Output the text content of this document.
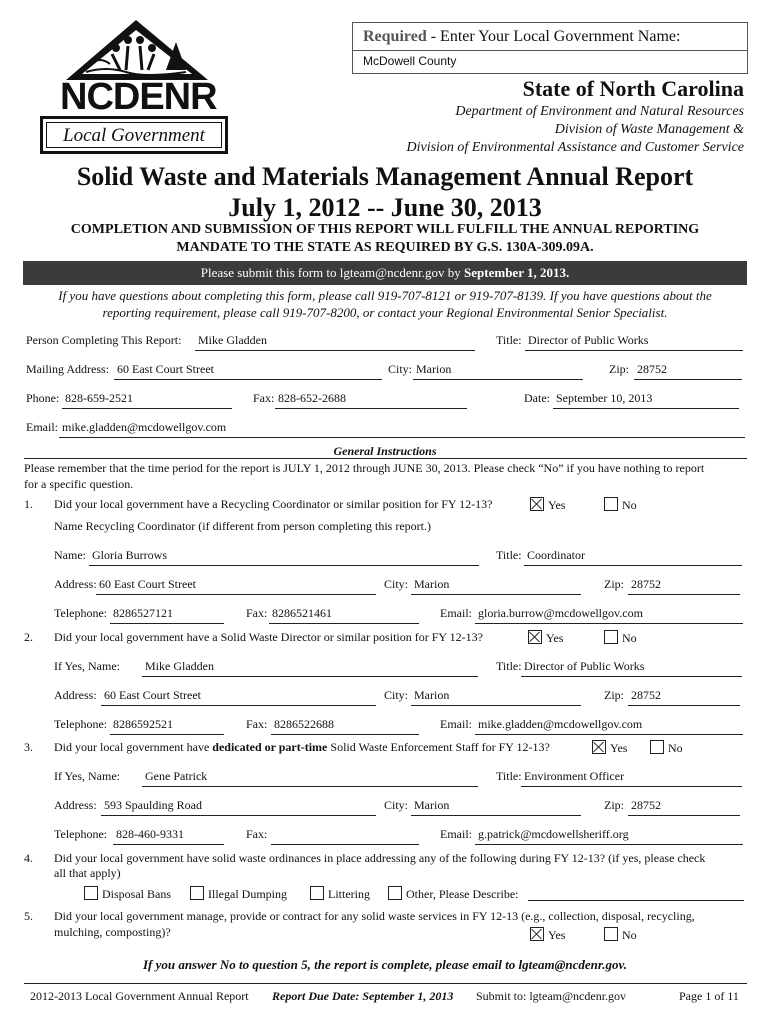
NCDENR
Local Government
Required - Enter Your Local Government Name:
McDowell County
State of North Carolina
Department of Environment and Natural Resources
Division of Waste Management &
Division of Environmental Assistance and Customer Service
Solid Waste and Materials Management Annual Report
July 1, 2012 -- June 30, 2013
COMPLETION AND SUBMISSION OF THIS REPORT WILL FULFILL THE ANNUAL REPORTING
MANDATE TO THE STATE AS REQUIRED BY G.S. 130A-309.09A.
Please submit this form to lgteam@ncdenr.gov by September 1, 2013.
If you have questions about completing this form, please call 919-707-8121 or 919-707-8139. If you have questions about the
reporting requirement, please call 919-707-8200, or contact your Regional Environmental Senior Specialist.
Person Completing This Report: Mike Gladden	Title: Director of Public Works
Mailing Address: 60 East Court Street	City: Marion	Zip: 28752
Phone: 828-659-2521	Fax: 828-652-2688	Date: September 10, 2013
Email: mike.gladden@mcdowellgov.com
General Instructions
Please remember that the time period for the report is JULY 1, 2012 through JUNE 30, 2013. Please check “No” if you have nothing to report
for a specific question.
1. Did your local government have a Recycling Coordinator or similar position for FY 12-13?	Yes	No
Name Recycling Coordinator (if different from person completing this report.)
Name: Gloria Burrows	Title: Coordinator
Address: 60 East Court Street	City: Marion	Zip: 28752
Telephone: 8286527121	Fax: 8286521461	Email: gloria.burrow@mcdowellgov.com
2. Did your local government have a Solid Waste Director or similar position for FY 12-13?	Yes	No
If Yes, Name: Mike Gladden	Title: Director of Public Works
Address: 60 East Court Street	City: Marion	Zip: 28752
Telephone: 8286592521	Fax: 8286522688	Email: mike.gladden@mcdowellgov.com
3. Did your local government have dedicated or part-time Solid Waste Enforcement Staff for FY 12-13?	Yes	No
If Yes, Name: Gene Patrick	Title: Environment Officer
Address: 593 Spaulding Road	City: Marion	Zip: 28752
Telephone: 828-460-9331	Fax:	Email: g.patrick@mcdowellsheriff.org
4. Did your local government have solid waste ordinances in place addressing any of the following during FY 12-13? (if yes, please check
all that apply)
Disposal Bans	Illegal Dumping	Littering	Other, Please Describe:
5. Did your local government manage, provide or contract for any solid waste services in FY 12-13 (e.g., collection, disposal, recycling,
mulching, composting)?	Yes	No
If you answer No to question 5, the report is complete, please email to lgteam@ncdenr.gov.
2012-2013 Local Government Annual Report Report Due Date: September 1, 2013 Submit to: lgteam@ncdenr.gov	Page 1 of 11
